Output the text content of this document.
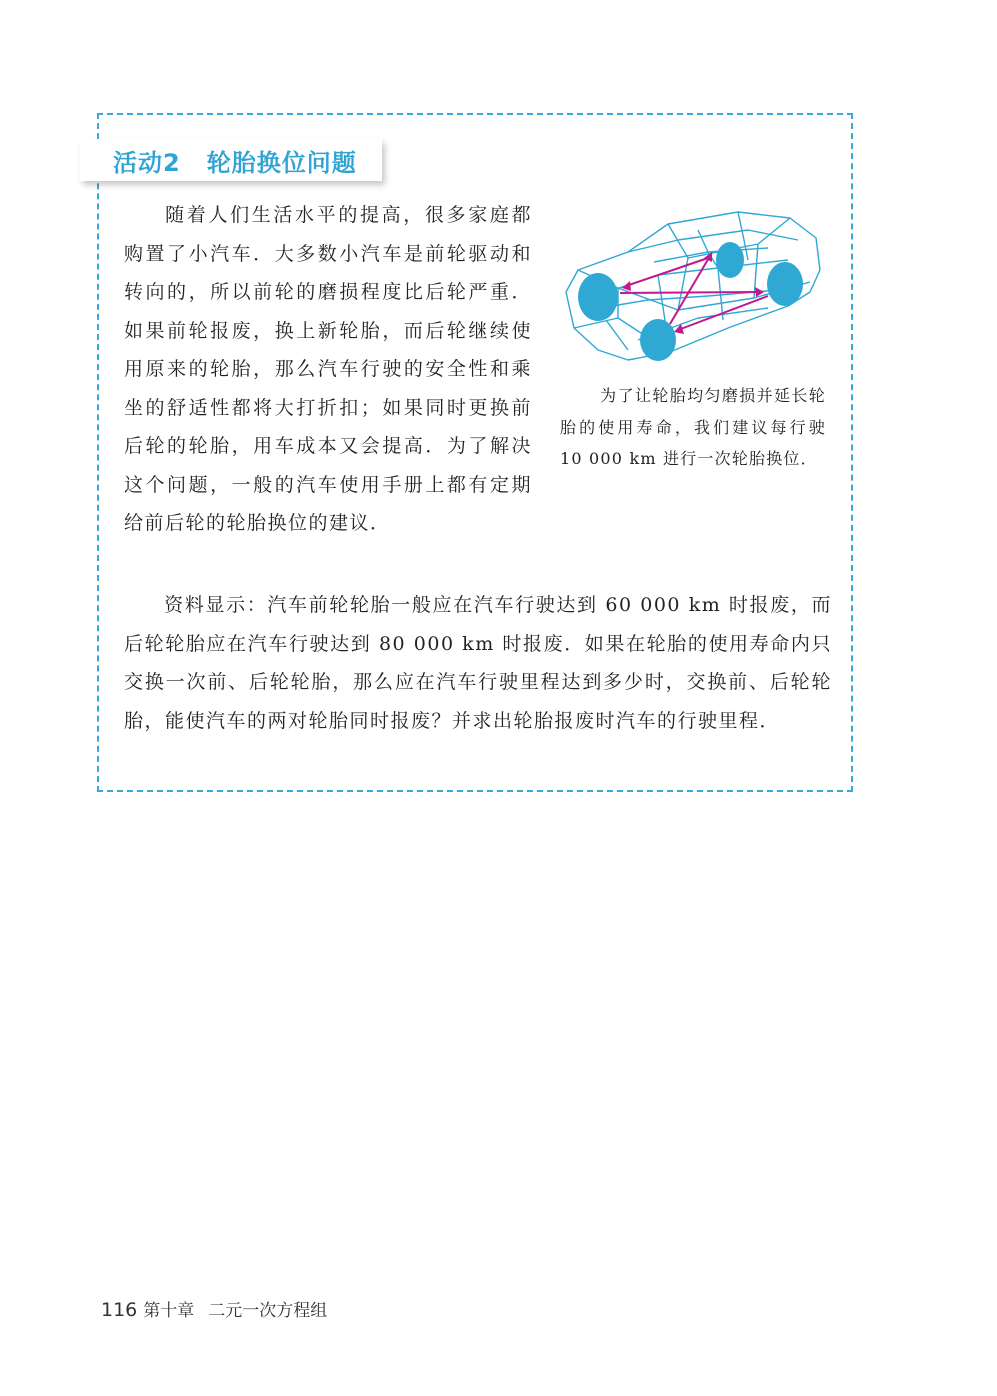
活动2 轮胎换位问题
随着人们生活水平的提高，很多家庭都购置了小汽车．大多数小汽车是前轮驱动和转向的，所以前轮的磨损程度比后轮严重．如果前轮报废，换上新轮胎，而后轮继续使用原来的轮胎，那么汽车行驶的安全性和乘坐的舒适性都将大打折扣；如果同时更换前后轮的轮胎，用车成本又会提高．为了解决这个问题，一般的汽车使用手册上都有定期给前后轮的轮胎换位的建议．
为了让轮胎均匀磨损并延长轮胎的使用寿命，我们建议每行驶 10 000 km 进行一次轮胎换位．
资料显示：汽车前轮轮胎一般应在汽车行驶达到 60 000 km 时报废，而后轮轮胎应在汽车行驶达到 80 000 km 时报废．如果在轮胎的使用寿命内只交换一次前、后轮轮胎，那么应在汽车行驶里程达到多少时，交换前、后轮轮胎，能使汽车的两对轮胎同时报废？并求出轮胎报废时汽车的行驶里程．
116 第十章 二元一次方程组
